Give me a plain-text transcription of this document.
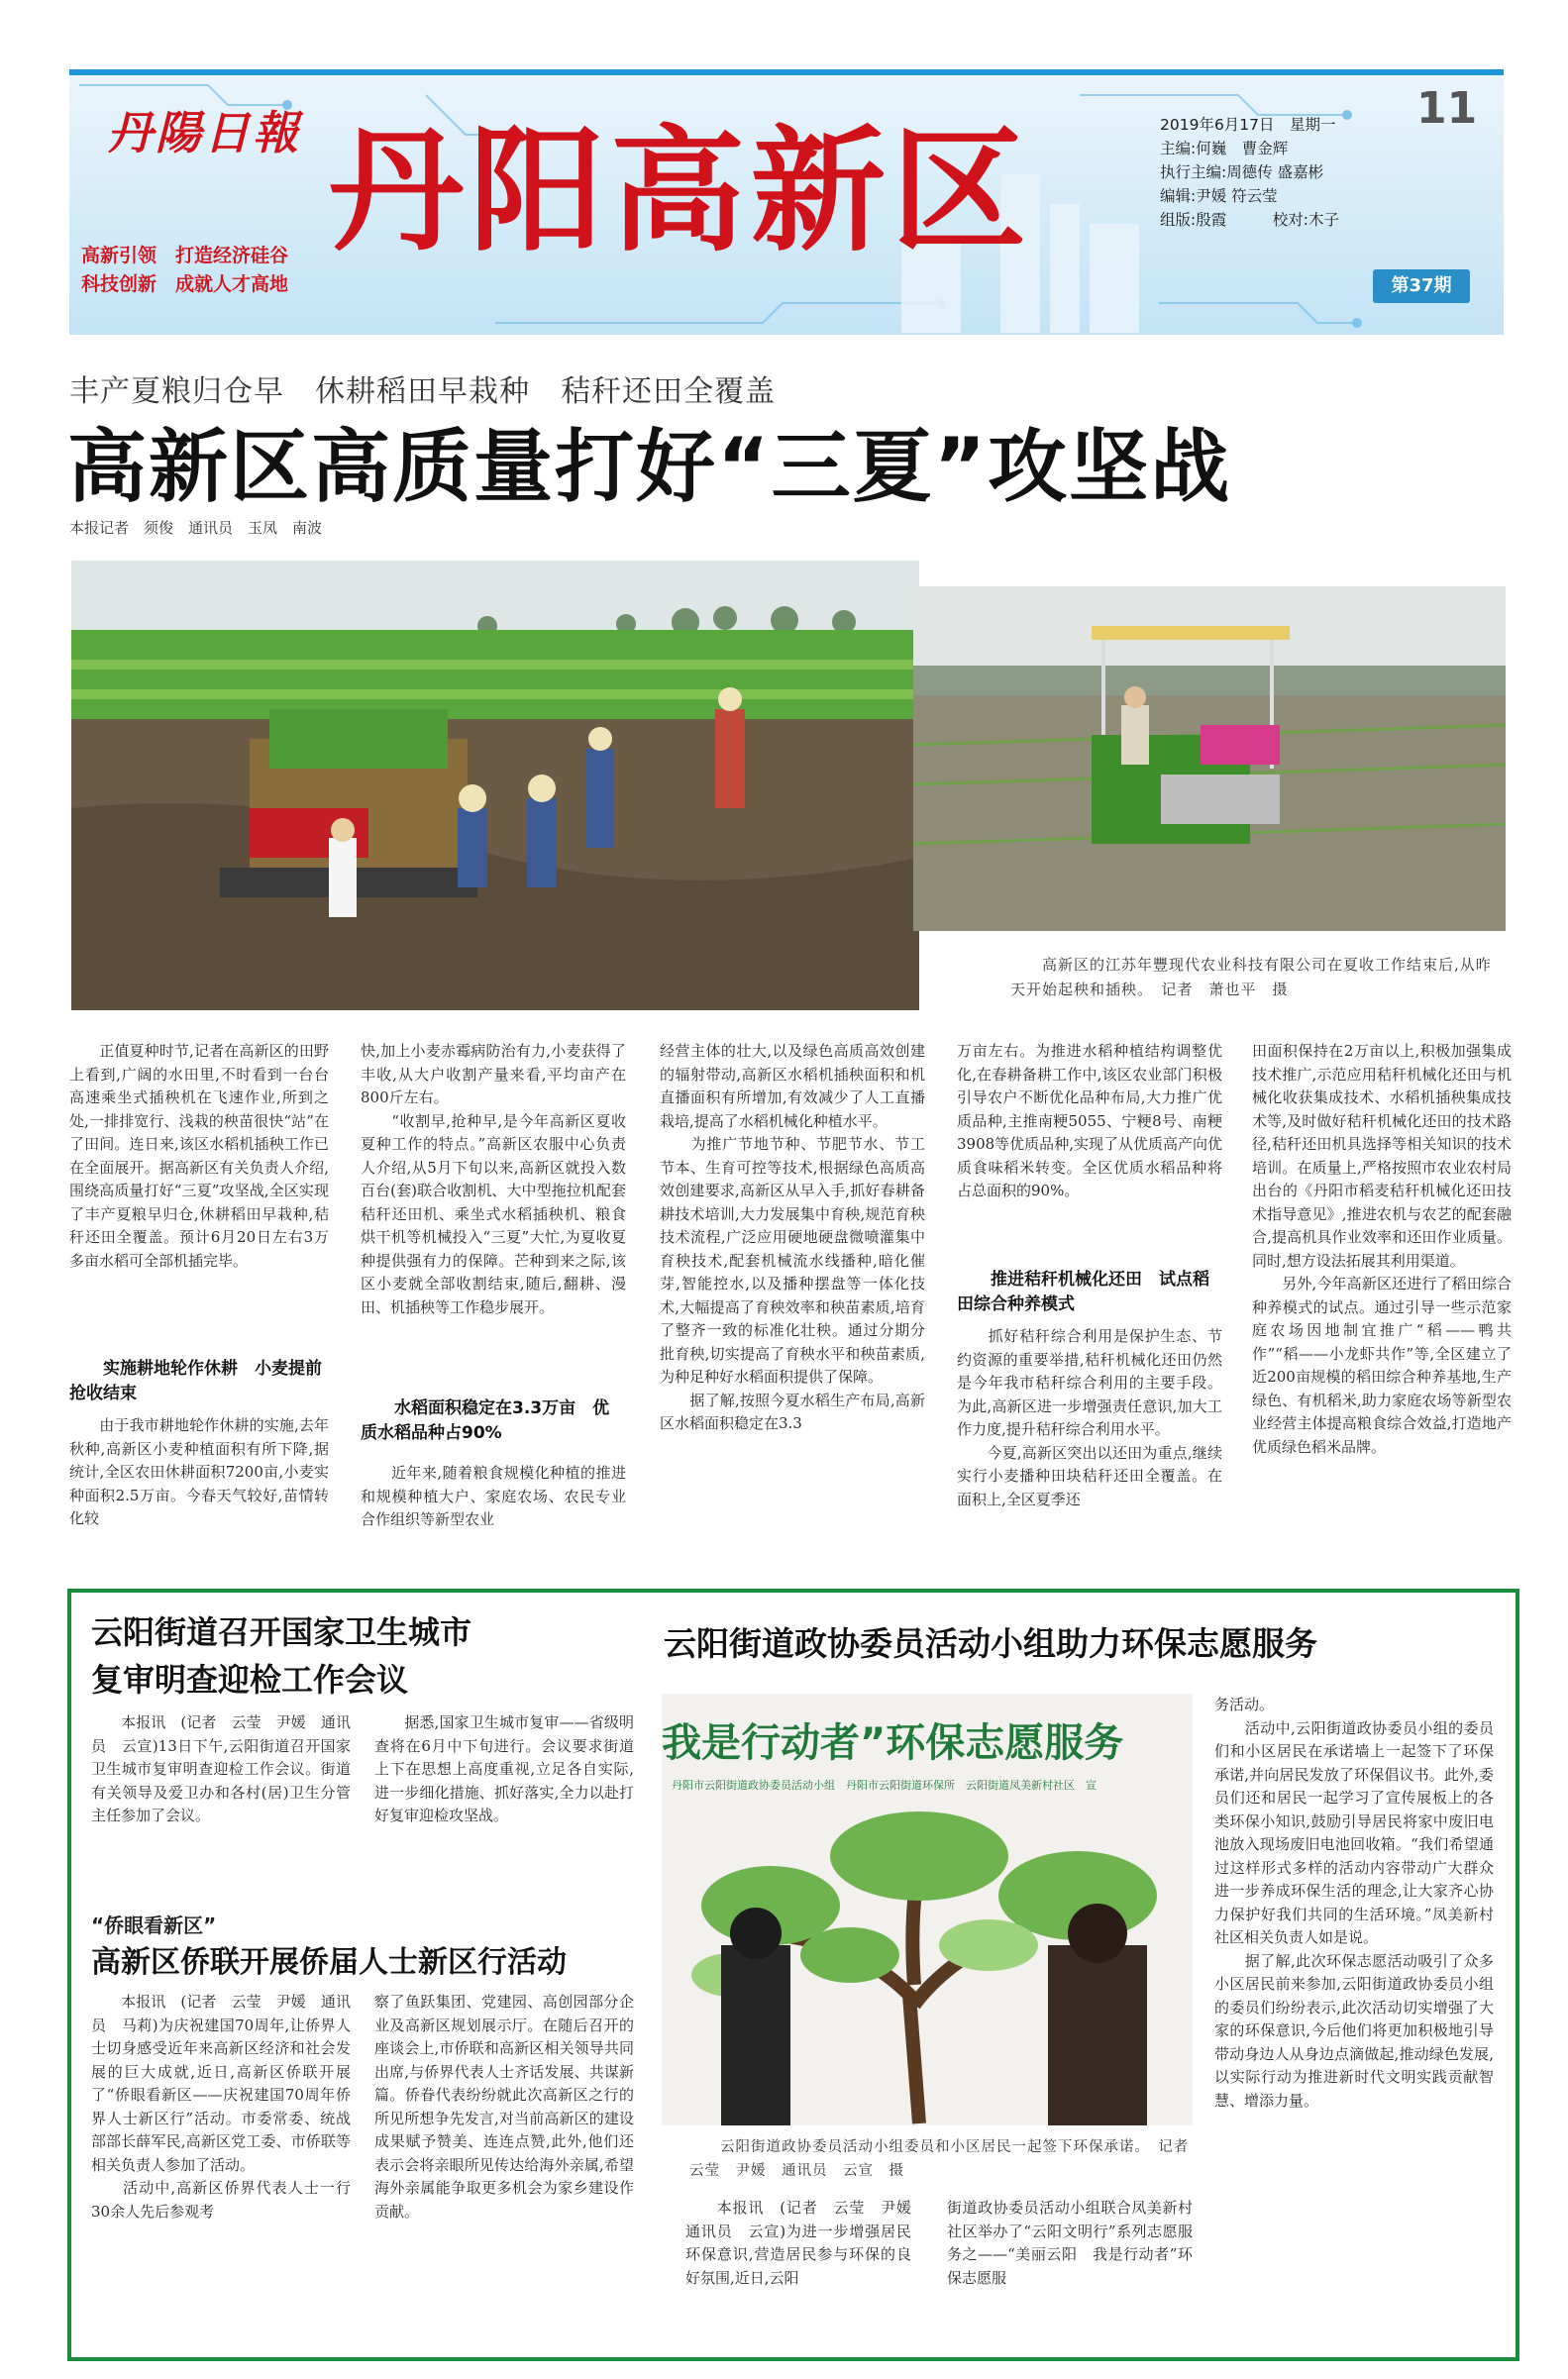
丹陽日報
高新引领　打造经济硅谷
科技创新　成就人才高地
丹阳高新区	2019年6月17日　星期一
主编:何巍　曹金辉
执行主编:周德传 盛嘉彬
编辑:尹媛 符云莹
组版:殷霞　　　校对:木子
11
第37期
丰产夏粮归仓早　休耕稻田早栽种　秸秆还田全覆盖
高新区高质量打好“三夏”攻坚战
本报记者　须俊　通讯员　玉凤　南波
　　高新区的江苏年豐现代农业科技有限公司在夏收工作结束后,从昨天开始起秧和插秧。　记者　萧也平　摄
　　正值夏种时节,记者在高新区的田野上看到,广阔的水田里,不时看到一台台高速乘坐式插秧机在飞速作业,所到之处,一排排宽行、浅栽的秧苗很快“站”在了田间。连日来,该区水稻机插秧工作已在全面展开。据高新区有关负责人介绍,围绕高质量打好“三夏”攻坚战,全区实现了丰产夏粮早归仓,休耕稻田早栽种,秸秆还田全覆盖。预计6月20日左右3万多亩水稻可全部机插完毕。
　　实施耕地轮作休耕　小麦提前抢收结束
　　由于我市耕地轮作休耕的实施,去年秋种,高新区小麦种植面积有所下降,据统计,全区农田休耕面积7200亩,小麦实种面积2.5万亩。今春天气较好,苗情转化较
快,加上小麦赤霉病防治有力,小麦获得了丰收,从大户收割产量来看,平均亩产在800斤左右。
　　“收割早,抢种早,是今年高新区夏收夏种工作的特点。”高新区农服中心负责人介绍,从5月下旬以来,高新区就投入数百台(套)联合收割机、大中型拖拉机配套秸秆还田机、乘坐式水稻插秧机、粮食烘干机等机械投入“三夏”大忙,为夏收夏种提供强有力的保障。芒种到来之际,该区小麦就全部收割结束,随后,翻耕、漫田、机插秧等工作稳步展开。
　　水稻面积稳定在3.3万亩　优质水稻品种占90%
　　近年来,随着粮食规模化种植的推进和规模种植大户、家庭农场、农民专业合作组织等新型农业
经营主体的壮大,以及绿色高质高效创建的辐射带动,高新区水稻机插秧面积和机直播面积有所增加,有效减少了人工直播栽培,提高了水稻机械化种植水平。
　　为推广节地节种、节肥节水、节工节本、生育可控等技术,根据绿色高质高效创建要求,高新区从早入手,抓好春耕备耕技术培训,大力发展集中育秧,规范育秧技术流程,广泛应用硬地硬盘微喷灌集中育秧技术,配套机械流水线播种,暗化催芽,智能控水,以及播种摆盘等一体化技术,大幅提高了育秧效率和秧苗素质,培育了整齐一致的标准化壮秧。通过分期分批育秧,切实提高了育秧水平和秧苗素质,为种足种好水稻面积提供了保障。
　　据了解,按照今夏水稻生产布局,高新区水稻面积稳定在3.3
万亩左右。为推进水稻种植结构调整优化,在春耕备耕工作中,该区农业部门积极引导农户不断优化品种布局,大力推广优质品种,主推南粳5055、宁粳8号、南粳3908等优质品种,实现了从优质高产向优质食味稻米转变。全区优质水稻品种将占总面积的90%。
　　推进秸秆机械化还田　试点稻田综合种养模式
　　抓好秸秆综合利用是保护生态、节约资源的重要举措,秸秆机械化还田仍然是今年我市秸秆综合利用的主要手段。为此,高新区进一步增强责任意识,加大工作力度,提升秸秆综合利用水平。
　　今夏,高新区突出以还田为重点,继续实行小麦播种田块秸秆还田全覆盖。在面积上,全区夏季还
田面积保持在2万亩以上,积极加强集成技术推广,示范应用秸秆机械化还田与机械化收获集成技术、水稻机插秧集成技术等,及时做好秸秆机械化还田的技术路径,秸秆还田机具选择等相关知识的技术培训。在质量上,严格按照市农业农村局出台的《丹阳市稻麦秸秆机械化还田技术指导意见》,推进农机与农艺的配套融合,提高机具作业效率和还田作业质量。同时,想方设法拓展其利用渠道。
　　另外,今年高新区还进行了稻田综合种养模式的试点。通过引导一些示范家庭农场因地制宜推广“稻——鸭共作”“稻——小龙虾共作”等,全区建立了近200亩规模的稻田综合种养基地,生产绿色、有机稻米,助力家庭农场等新型农业经营主体提高粮食综合效益,打造地产优质绿色稻米品牌。
云阳街道召开国家卫生城市
复审明查迎检工作会议
　　本报讯　(记者　云莹　尹媛　通讯员　云宣)13日下午,云阳街道召开国家卫生城市复审明查迎检工作会议。街道有关领导及爱卫办和各村(居)卫生分管主任参加了会议。
　　据悉,国家卫生城市复审——省级明查将在6月中下旬进行。会议要求街道上下在思想上高度重视,立足各自实际,进一步细化措施、抓好落实,全力以赴打好复审迎检攻坚战。
“侨眼看新区”
高新区侨联开展侨届人士新区行活动
　　本报讯　(记者　云莹　尹媛　通讯员　马莉)为庆祝建国70周年,让侨界人士切身感受近年来高新区经济和社会发展的巨大成就,近日,高新区侨联开展了“侨眼看新区——庆祝建国70周年侨界人士新区行”活动。市委常委、统战部部长薛军民,高新区党工委、市侨联等相关负责人参加了活动。
　　活动中,高新区侨界代表人士一行30余人先后参观考
察了鱼跃集团、党建园、高创园部分企业及高新区规划展示厅。在随后召开的座谈会上,市侨联和高新区相关领导共同出席,与侨界代表人士齐话发展、共谋新篇。侨眷代表纷纷就此次高新区之行的所见所想争先发言,对当前高新区的建设成果赋予赞美、连连点赞,此外,他们还表示会将亲眼所见传达给海外亲属,希望海外亲属能争取更多机会为家乡建设作贡献。
云阳街道政协委员活动小组助力环保志愿服务
我是行动者”环保志愿服务
丹阳市云阳街道政协委员活动小组　丹阳市云阳街道环保所　云阳街道凤美新村社区　宣
　　云阳街道政协委员活动小组委员和小区居民一起签下环保承诺。　记者　云莹　尹媛　通讯员　云宣　摄
　　本报讯　(记者　云莹　尹媛　通讯员　云宣)为进一步增强居民环保意识,营造居民参与环保的良好氛围,近日,云阳
街道政协委员活动小组联合凤美新村社区举办了“云阳文明行”系列志愿服务之——“美丽云阳　我是行动者”环保志愿服
务活动。
　　活动中,云阳街道政协委员小组的委员们和小区居民在承诺墙上一起签下了环保承诺,并向居民发放了环保倡议书。此外,委员们还和居民一起学习了宣传展板上的各类环保小知识,鼓励引导居民将家中废旧电池放入现场废旧电池回收箱。“我们希望通过这样形式多样的活动内容带动广大群众进一步养成环保生活的理念,让大家齐心协力保护好我们共同的生活环境。”凤美新村社区相关负责人如是说。
　　据了解,此次环保志愿活动吸引了众多小区居民前来参加,云阳街道政协委员小组的委员们纷纷表示,此次活动切实增强了大家的环保意识,今后他们将更加积极地引导带动身边人从身边点滴做起,推动绿色发展,以实际行动为推进新时代文明实践贡献智慧、增添力量。
